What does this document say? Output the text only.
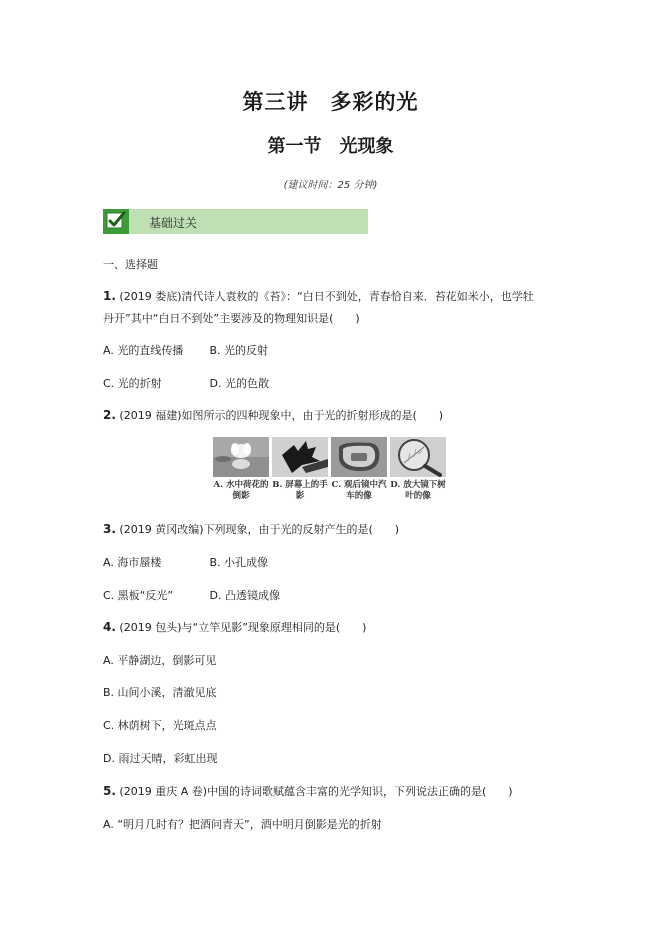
第三讲　多彩的光
第一节　光现象
(建议时间：25 分钟)
基础过关
一、选择题
1. (2019 娄底)清代诗人袁枚的《苔》：“白日不到处，青春恰自来．苔花如米小，也学牡
丹开”其中“白日不到处”主要涉及的物理知识是(　　)
A. 光的直线传播 B. 光的反射
C. 光的折射	D. 光的色散
2. (2019 福建)如图所示的四种现象中，由于光的折射形成的是(　　)
A. 水中荷花的倒影
B. 屏幕上的手影
C. 观后镜中汽车的像
D. 放大镜下树叶的像
3. (2019 黄冈改编)下列现象，由于光的反射产生的是(　　)
A. 海市蜃楼	B. 小孔成像
C. 黑板“反光”	D. 凸透镜成像
4. (2019 包头)与“立竿见影”现象原理相同的是(　　)
A. 平静湖边，倒影可见
B. 山间小溪，清澈见底
C. 林荫树下，光斑点点
D. 雨过天晴，彩虹出现
5. (2019 重庆 A 卷)中国的诗词歌赋蕴含丰富的光学知识，下列说法正确的是(　　)
A. “明月几时有？把酒问青天”，酒中明月倒影是光的折射
